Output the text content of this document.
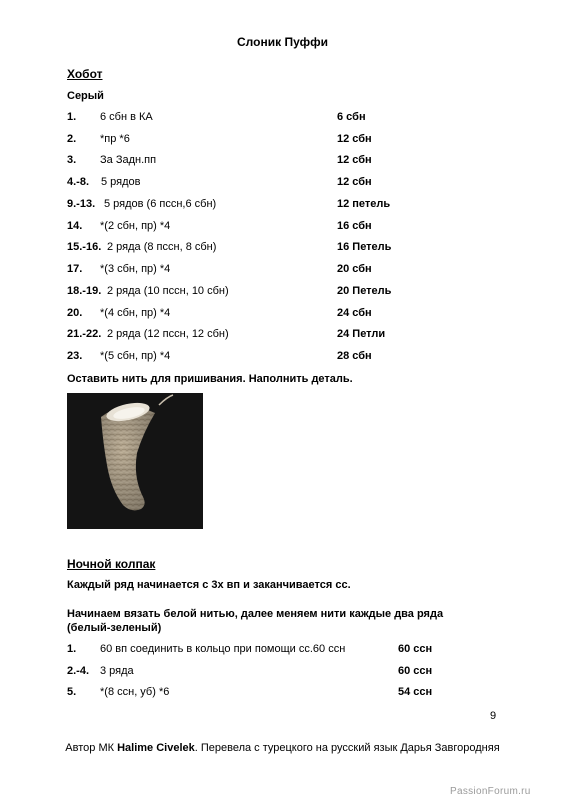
Слоник Пуффи
Хобот
Серый
1. 6 сбн в КА	6 сбн
2. *пр *6	12 сбн
3. За Задн.пп	12 сбн
4.-8. 5 рядов	12 сбн
9.-13. 5 рядов (6 пссн,6 сбн)	12 петель
14. *(2 сбн, пр) *4	16 сбн
15.-16. 2 ряда (8 пссн, 8 сбн)	16 Петель
17. *(3 сбн, пр) *4	20 сбн
18.-19. 2 ряда (10 пссн, 10 сбн)	20 Петель
20. *(4 сбн, пр) *4	24 сбн
21.-22. 2 ряда (12 пссн, 12 сбн)	24 Петли
23. *(5 сбн, пр) *4	28 сбн
Оставить нить для пришивания. Наполнить деталь.
Ночной колпак
Каждый ряд начинается с 3х вп и заканчивается сс.
Начинаем вязать белой нитью, далее меняем нити каждые два ряда
(белый-зеленый)
1. 60 вп соединить в кольцо при помощи сс.60 ссн	60 ссн
2.-4. 3 ряда	60 ссн
5. *(8 ссн, уб) *6	54 ссн
9
Автор МК Halime Civelek. Перевела с турецкого на русский язык Дарья Завгородняя
PassionForum.ru
